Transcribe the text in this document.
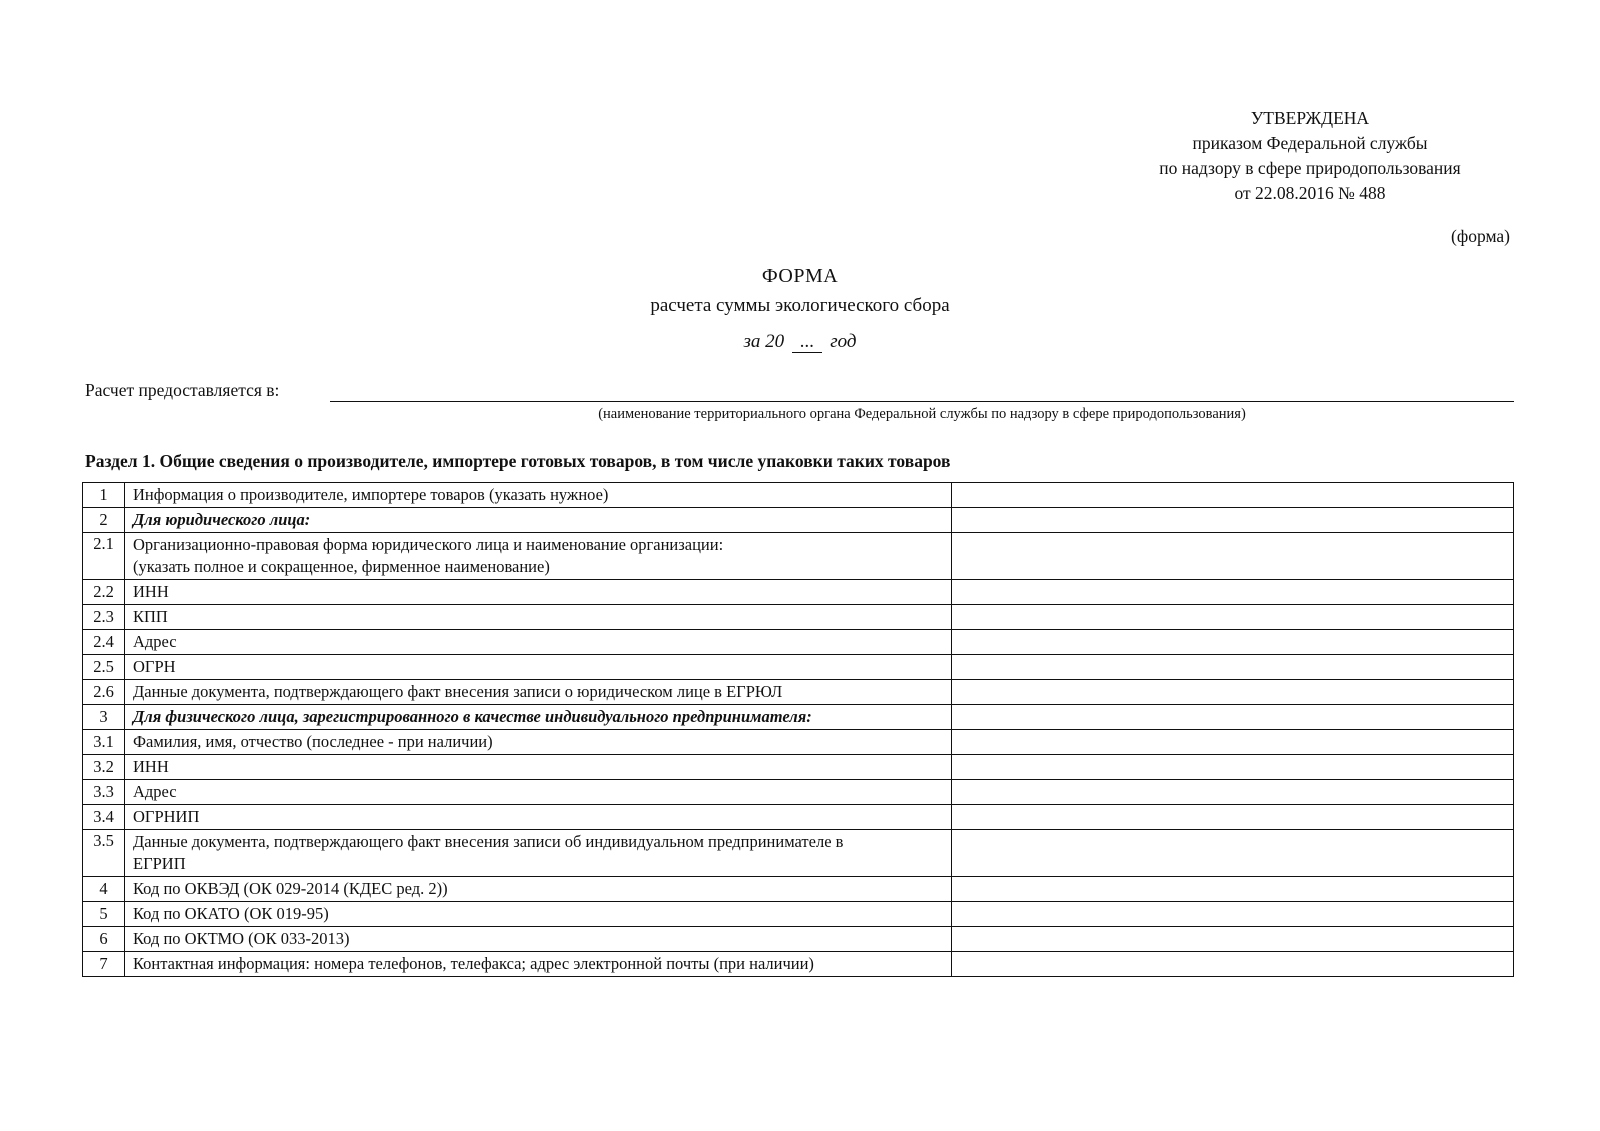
УТВЕРЖДЕНА
приказом Федеральной службы
по надзору в сфере природопользования
от 22.08.2016 № 488
(форма)
ФОРМА
расчета суммы экологического сбора
за 20 ... год
Расчет предоставляется в:
(наименование территориального органа Федеральной службы по надзору в сфере природопользования)
Раздел 1. Общие сведения о производителе, импортере готовых товаров, в том числе упаковки таких товаров
1	Информация о производителе, импортере товаров (указать нужное)	
2	Для юридического лица:	
2.1	Организационно-правовая форма юридического лица и наименование организации:
(указать полное и сокращенное, фирменное наименование)	

2.2	ИНН	
2.3	КПП	
2.4	Адрес	
2.5	ОГРН	
2.6	Данные документа, подтверждающего факт внесения записи о юридическом лице в ЕГРЮЛ	
3	Для физического лица, зарегистрированного в качестве индивидуального предпринимателя:	
3.1	Фамилия, имя, отчество (последнее - при наличии)	
3.2	ИНН	
3.3	Адрес	
3.4	ОГРНИП	
3.5	Данные документа, подтверждающего факт внесения записи об индивидуальном предпринимателе в
ЕГРИП	

4	Код по ОКВЭД (ОК 029-2014 (КДЕС ред. 2))	
5	Код по ОКАТО (ОК 019-95)	
6	Код по ОКТМО (ОК 033-2013)	
7	Контактная информация: номера телефонов, телефакса; адрес электронной почты (при наличии)	
